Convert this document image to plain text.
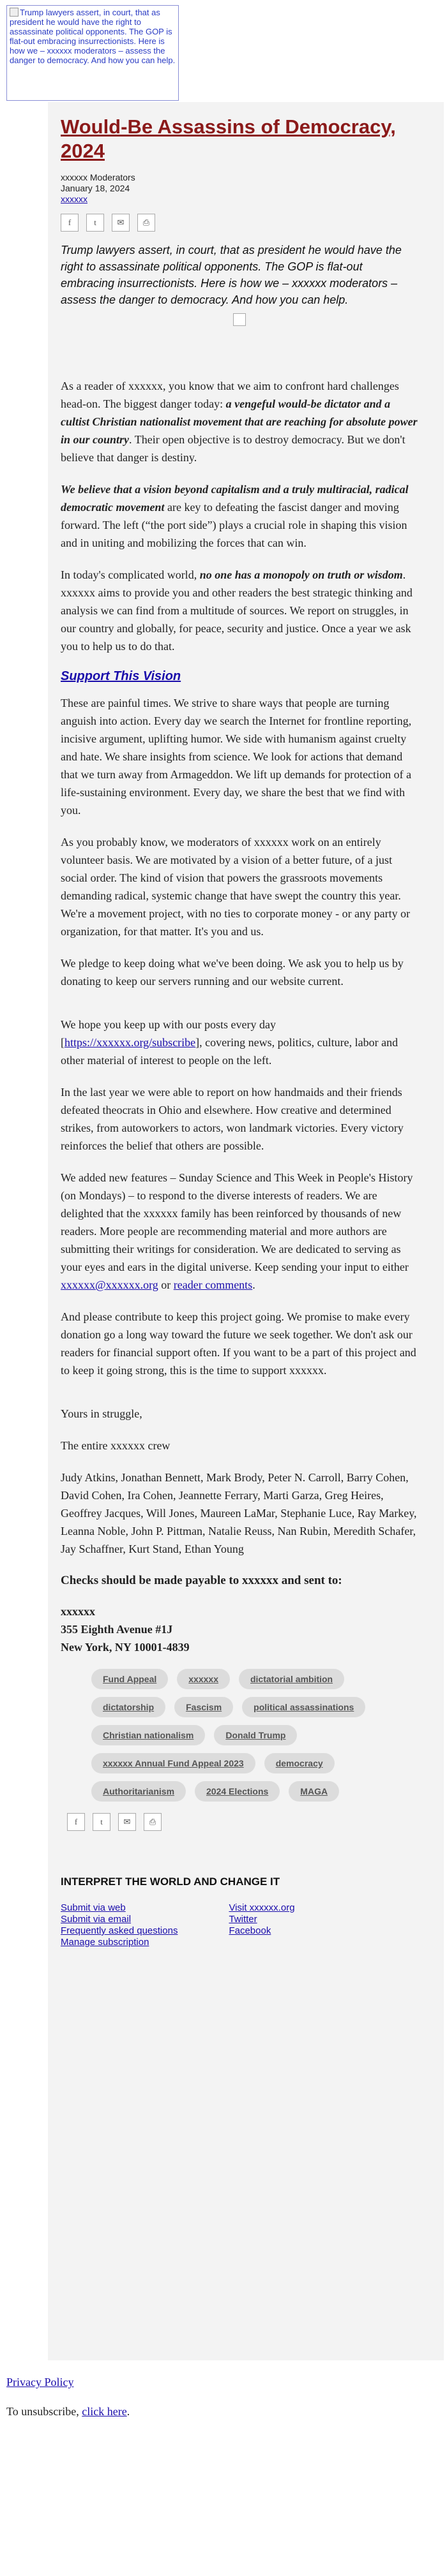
Trump lawyers assert, in court, that as president he would have the right to assassinate political opponents. The GOP is flat-out embracing insurrectionists. Here is how we – xxxxxx moderators – assess the danger to democracy. And how you can help.
Would-Be Assassins of Democracy, 2024
xxxxxx Moderators
January 18, 2024
xxxxxx
f	t	✉	⎙

Trump lawyers assert, in court, that as president he would have the right to assassinate political opponents. The GOP is flat-out embracing insurrectionists. Here is how we – xxxxxx moderators – assess the danger to democracy. And how you can help.

As a reader of xxxxxx, you know that we aim to confront hard challenges head-on. The biggest danger today: a vengeful would-be dictator and a cultist Christian nationalist movement that are reaching for absolute power in our country. Their open objective is to destroy democracy. But we don't believe that danger is destiny.

We believe that a vision beyond capitalism and a truly multiracial, radical democratic movement are key to defeating the fascist danger and moving forward. The left (“the port side”) plays a crucial role in shaping this vision and in uniting and mobilizing the forces that can win.

In today's complicated world, no one has a monopoly on truth or wisdom. xxxxxx aims to provide you and other readers the best strategic thinking and analysis we can find from a multitude of sources. We report on struggles, in our country and globally, for peace, security and justice. Once a year we ask you to help us to do that.

Support This Vision

These are painful times. We strive to share ways that people are turning anguish into action. Every day we search the Internet for frontline reporting, incisive argument, uplifting humor. We side with humanism against cruelty and hate. We share insights from science. We look for actions that demand that we turn away from Armageddon. We lift up demands for protection of a life-sustaining environment. Every day, we share the best that we find with you.

As you probably know, we moderators of xxxxxx work on an entirely volunteer basis. We are motivated by a vision of a better future, of a just social order. The kind of vision that powers the grassroots movements demanding radical, systemic change that have swept the country this year. We're a movement project, with no ties to corporate money - or any party or organization, for that matter. It's you and us.

We pledge to keep doing what we've been doing. We ask you to help us by donating to keep our servers running and our website current.

We hope you keep up with our posts every day [https://xxxxxx.org/subscribe], covering news, politics, culture, labor and other material of interest to people on the left.

In the last year we were able to report on how handmaids and their friends defeated theocrats in Ohio and elsewhere. How creative and determined strikes, from autoworkers to actors, won landmark victories. Every victory reinforces the belief that others are possible.

We added new features – Sunday Science and This Week in People's History (on Mondays) – to respond to the diverse interests of readers. We are delighted that the xxxxxx family has been reinforced by thousands of new readers. More people are recommending material and more authors are submitting their writings for consideration. We are dedicated to serving as your eyes and ears in the digital universe. Keep sending your input to either xxxxxx@xxxxxx.org or reader comments.

And please contribute to keep this project going. We promise to make every donation go a long way toward the future we seek together. We don't ask our readers for financial support often. If you want to be a part of this project and to keep it going strong, this is the time to support xxxxxx.

Yours in struggle,

The entire xxxxxx crew

Judy Atkins, Jonathan Bennett, Mark Brody, Peter N. Carroll, Barry Cohen, David Cohen, Ira Cohen, Jeannette Ferrary, Marti Garza, Greg Heires, Geoffrey Jacques, Will Jones, Maureen LaMar, Stephanie Luce, Ray Markey, Leanna Noble, John P. Pittman, Natalie Reuss, Nan Rubin, Meredith Schafer, Jay Schaffner, Kurt Stand, Ethan Young

Checks should be made payable to xxxxxx and sent to:
xxxxxx
355 Eighth Avenue #1J
New York, NY 10001-4839
Fund Appeal	xxxxxx	dictatorial ambition
dictatorship	Fascism	political assassinations
Christian nationalism	Donald Trump
xxxxxx Annual Fund Appeal 2023	democracy
Authoritarianism	2024 Elections	MAGA
f	t	✉	⎙
INTERPRET THE WORLD AND CHANGE IT
Submit via web
Submit via email
Frequently asked questions
Manage subscription
Visit xxxxxx.org
Twitter
Facebook
Privacy Policy
To unsubscribe, click here.
